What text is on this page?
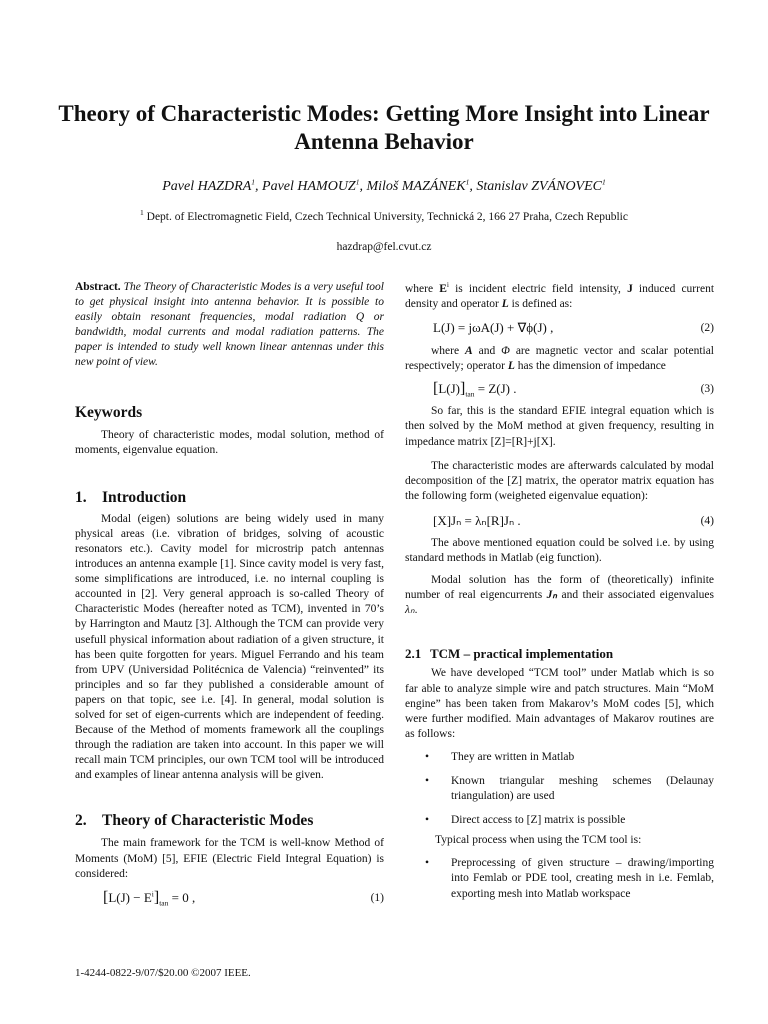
Theory of Characteristic Modes: Getting More Insight into Linear Antenna Behavior
Pavel HAZDRA$^1$, Pavel HAMOUZ$^1$, Miloš MAZÁNEK$^1$, Stanislav ZVÁNOVEC$^1$
$^1$ Dept. of Electromagnetic Field, Czech Technical University, Technická 2, 166 27 Praha, Czech Republic
hazdrap@fel.cvut.cz

Abstract. The Theory of Characteristic Modes is a very useful tool to get physical insight into antenna behavior. It is possible to easily obtain resonant frequencies, modal radiation Q or bandwidth, modal currents and modal radiation patterns. The paper is intended to study well known linear antennas under this new point of view.

Keywords

Theory of characteristic modes, modal solution, method of moments, eigenvalue equation.

1. Introduction

Modal (eigen) solutions are being widely used in many physical areas (i.e. vibration of bridges, solving of acoustic resonators etc.). Cavity model for microstrip patch antennas introduces an antenna example [1]. Since cavity model is very fast, some simplifications are introduced, i.e. no internal coupling is accounted in [2]. Very general approach is so-called Theory of Characteristic Modes (hereafter noted as TCM), invented in 70’s by Harrington and Mautz [3]. Although the TCM can provide very usefull physical information about radiation of a given structure, it has been quite forgotten for years. Miguel Ferrando and his team from UPV (Universidad Politécnica de Valencia) “reinvented” its principles and so far they published a considerable amount of papers on that topic, see i.e. [4]. In general, modal solution is solved for set of eigen-currents which are independent of feeding. Because of the Method of moments framework all the couplings through the radiation are taken into account. In this paper we will recall main TCM principles, our own TCM tool will be introduced and examples of linear antenna analysis will be given.

2. Theory of Characteristic Modes

The main framework for the TCM is well-know Method of Moments (MoM) [5], EFIE (Electric Field Integral Equation) is considered:

$[L(J) - E^i]_{tan} = 0$ ,	(1)

where $E^i$ is incident electric field intensity, J induced current density and operator L is defined as:

L(J) = jωA(J) + ∇ϕ(J) ,	(2)

where A and Φ are magnetic vector and scalar potential respectively; operator L has the dimension of impedance

$[L(J)]_{tan} = Z(J)$ .	(3)

So far, this is the standard EFIE integral equation which is then solved by the MoM method at given frequency, resulting in impedance matrix [Z]=[R]+j[X].

The characteristic modes are afterwards calculated by modal decomposition of the [Z] matrix, the operator matrix equation has the following form (weigheted eigenvalue equation):

[X]Jₙ = λₙ[R]Jₙ .	(4)

The above mentioned equation could be solved i.e. by using standard methods in Matlab (eig function).

Modal solution has the form of (theoretically) infinite number of real eigencurrents Jₙ and their associated eigenvalues λₙ.

2.1 TCM – practical implementation

We have developed “TCM tool” under Matlab which is so far able to analyze simple wire and patch structures. Main “MoM engine” has been taken from Makarov’s MoM codes [5], which were further modified. Main advantages of Makarov routines are as follows:

• They are written in Matlab
• Known triangular meshing schemes (Delaunay triangulation) are used
• Direct access to [Z] matrix is possible

Typical process when using the TCM tool is:

• Preprocessing of given structure – drawing/importing into Femlab or PDE tool, creating mesh in i.e. Femlab, exporting mesh into Matlab workspace
1-4244-0822-9/07/$20.00 ©2007 IEEE.
